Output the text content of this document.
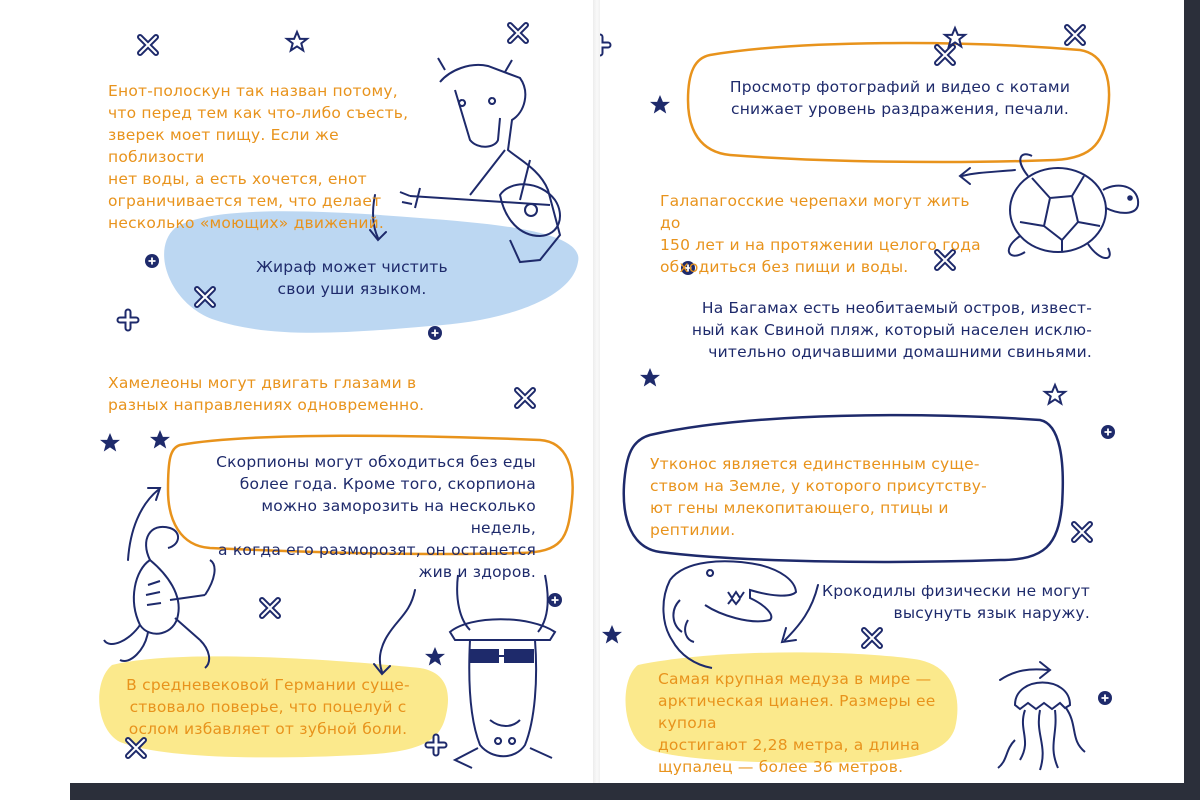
Енот-полоскун так назван потому,
что перед тем как что-либо съесть,
зверек моет пищу. Если же поблизости
нет воды, а есть хочется, енот
ограничивается тем, что делает
несколько «моющих» движений.

Жираф может чистить
свои уши языком.

Хамелеоны могут двигать глазами в
разных направлениях одновременно.

Скорпионы могут обходиться без еды
более года. Кроме того, скорпиона
можно заморозить на несколько недель,
а когда его разморозят, он останется
жив и здоров.

В средневековой Германии суще-
ствовало поверье, что поцелуй с
ослом избавляет от зубной боли.

Просмотр фотографий и видео с котами
снижает уровень раздражения, печали.

Галапагосские черепахи могут жить до
150 лет и на протяжении целого года
обходиться без пищи и воды.

На Багамах есть необитаемый остров, извест-
ный как Свиной пляж, который населен исклю-
чительно одичавшими домашними свиньями.

Утконос является единственным суще-
ством на Земле, у которого присутству-
ют гены млекопитающего, птицы и
рептилии.

Крокодилы физически не могут
высунуть язык наружу.

Самая крупная медуза в мире —
арктическая цианея. Размеры ее купола
достигают 2,28 метра, а длина
щупалец — более 36 метров.
